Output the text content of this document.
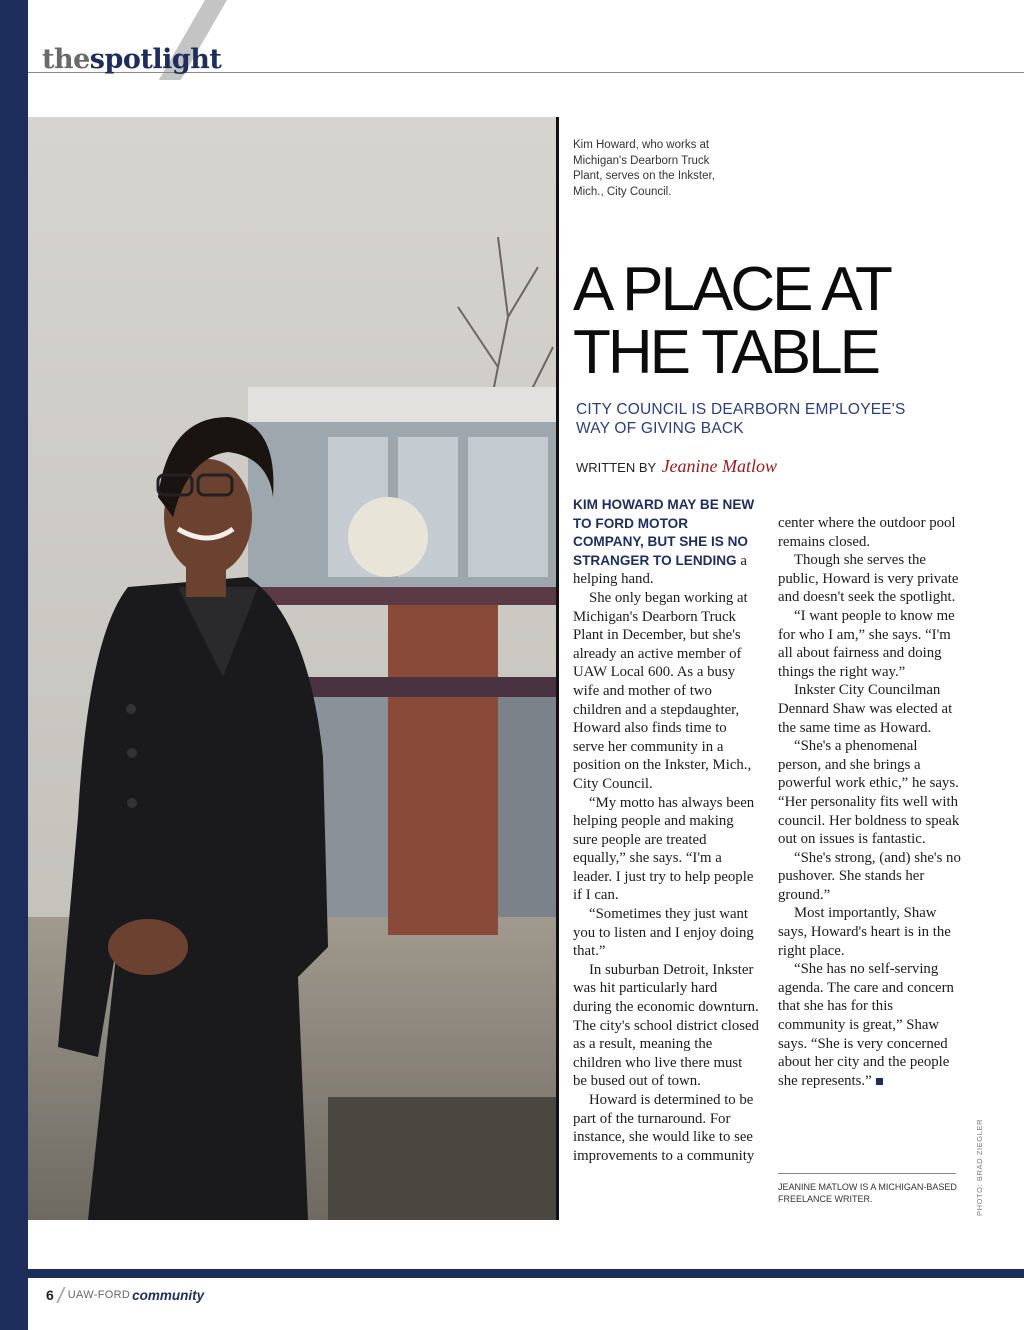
thespotlight
Kim Howard, who works at Michigan's Dearborn Truck Plant, serves on the Inkster, Mich., City Council.
A PLACE AT
THE TABLE
CITY COUNCIL IS DEARBORN EMPLOYEE'S
WAY OF GIVING BACK
WRITTEN BY Jeanine Matlow

KIM HOWARD MAY BE NEW TO FORD MOTOR COMPANY, BUT SHE IS NO STRANGER TO LENDING a helping hand.

She only began working at Michigan's Dearborn Truck Plant in December, but she's already an active member of UAW Local 600. As a busy wife and mother of two children and a stepdaughter, Howard also finds time to serve her community in a position on the Inkster, Mich., City Council.

“My motto has always been helping people and making sure people are treated equally,” she says. “I'm a leader. I just try to help people if I can.

“Sometimes they just want you to listen and I enjoy doing that.”

In suburban Detroit, Inkster was hit particularly hard during the economic downturn. The city's school district closed as a result, meaning the children who live there must be bused out of town.

Howard is determined to be part of the turnaround. For instance, she would like to see improvements to a community

center where the outdoor pool remains closed.

Though she serves the public, Howard is very private and doesn't seek the spotlight.

“I want people to know me for who I am,” she says. “I'm all about fairness and doing things the right way.”

Inkster City Councilman Dennard Shaw was elected at the same time as Howard.

“She's a phenomenal person, and she brings a powerful work ethic,” he says. “Her personality fits well with council. Her boldness to speak out on issues is fantastic.

“She's strong, (and) she's no pushover. She stands her ground.”

Most importantly, Shaw says, Howard's heart is in the right place.

“She has no self-serving agenda. The care and concern that she has for this community is great,” Shaw says. “She is very concerned about her city and the people she represents.”

JEANINE MATLOW IS A MICHIGAN-BASED FREELANCE WRITER.	PHOTO: BRAD ZIEGLER
6 UAW-FORD community
